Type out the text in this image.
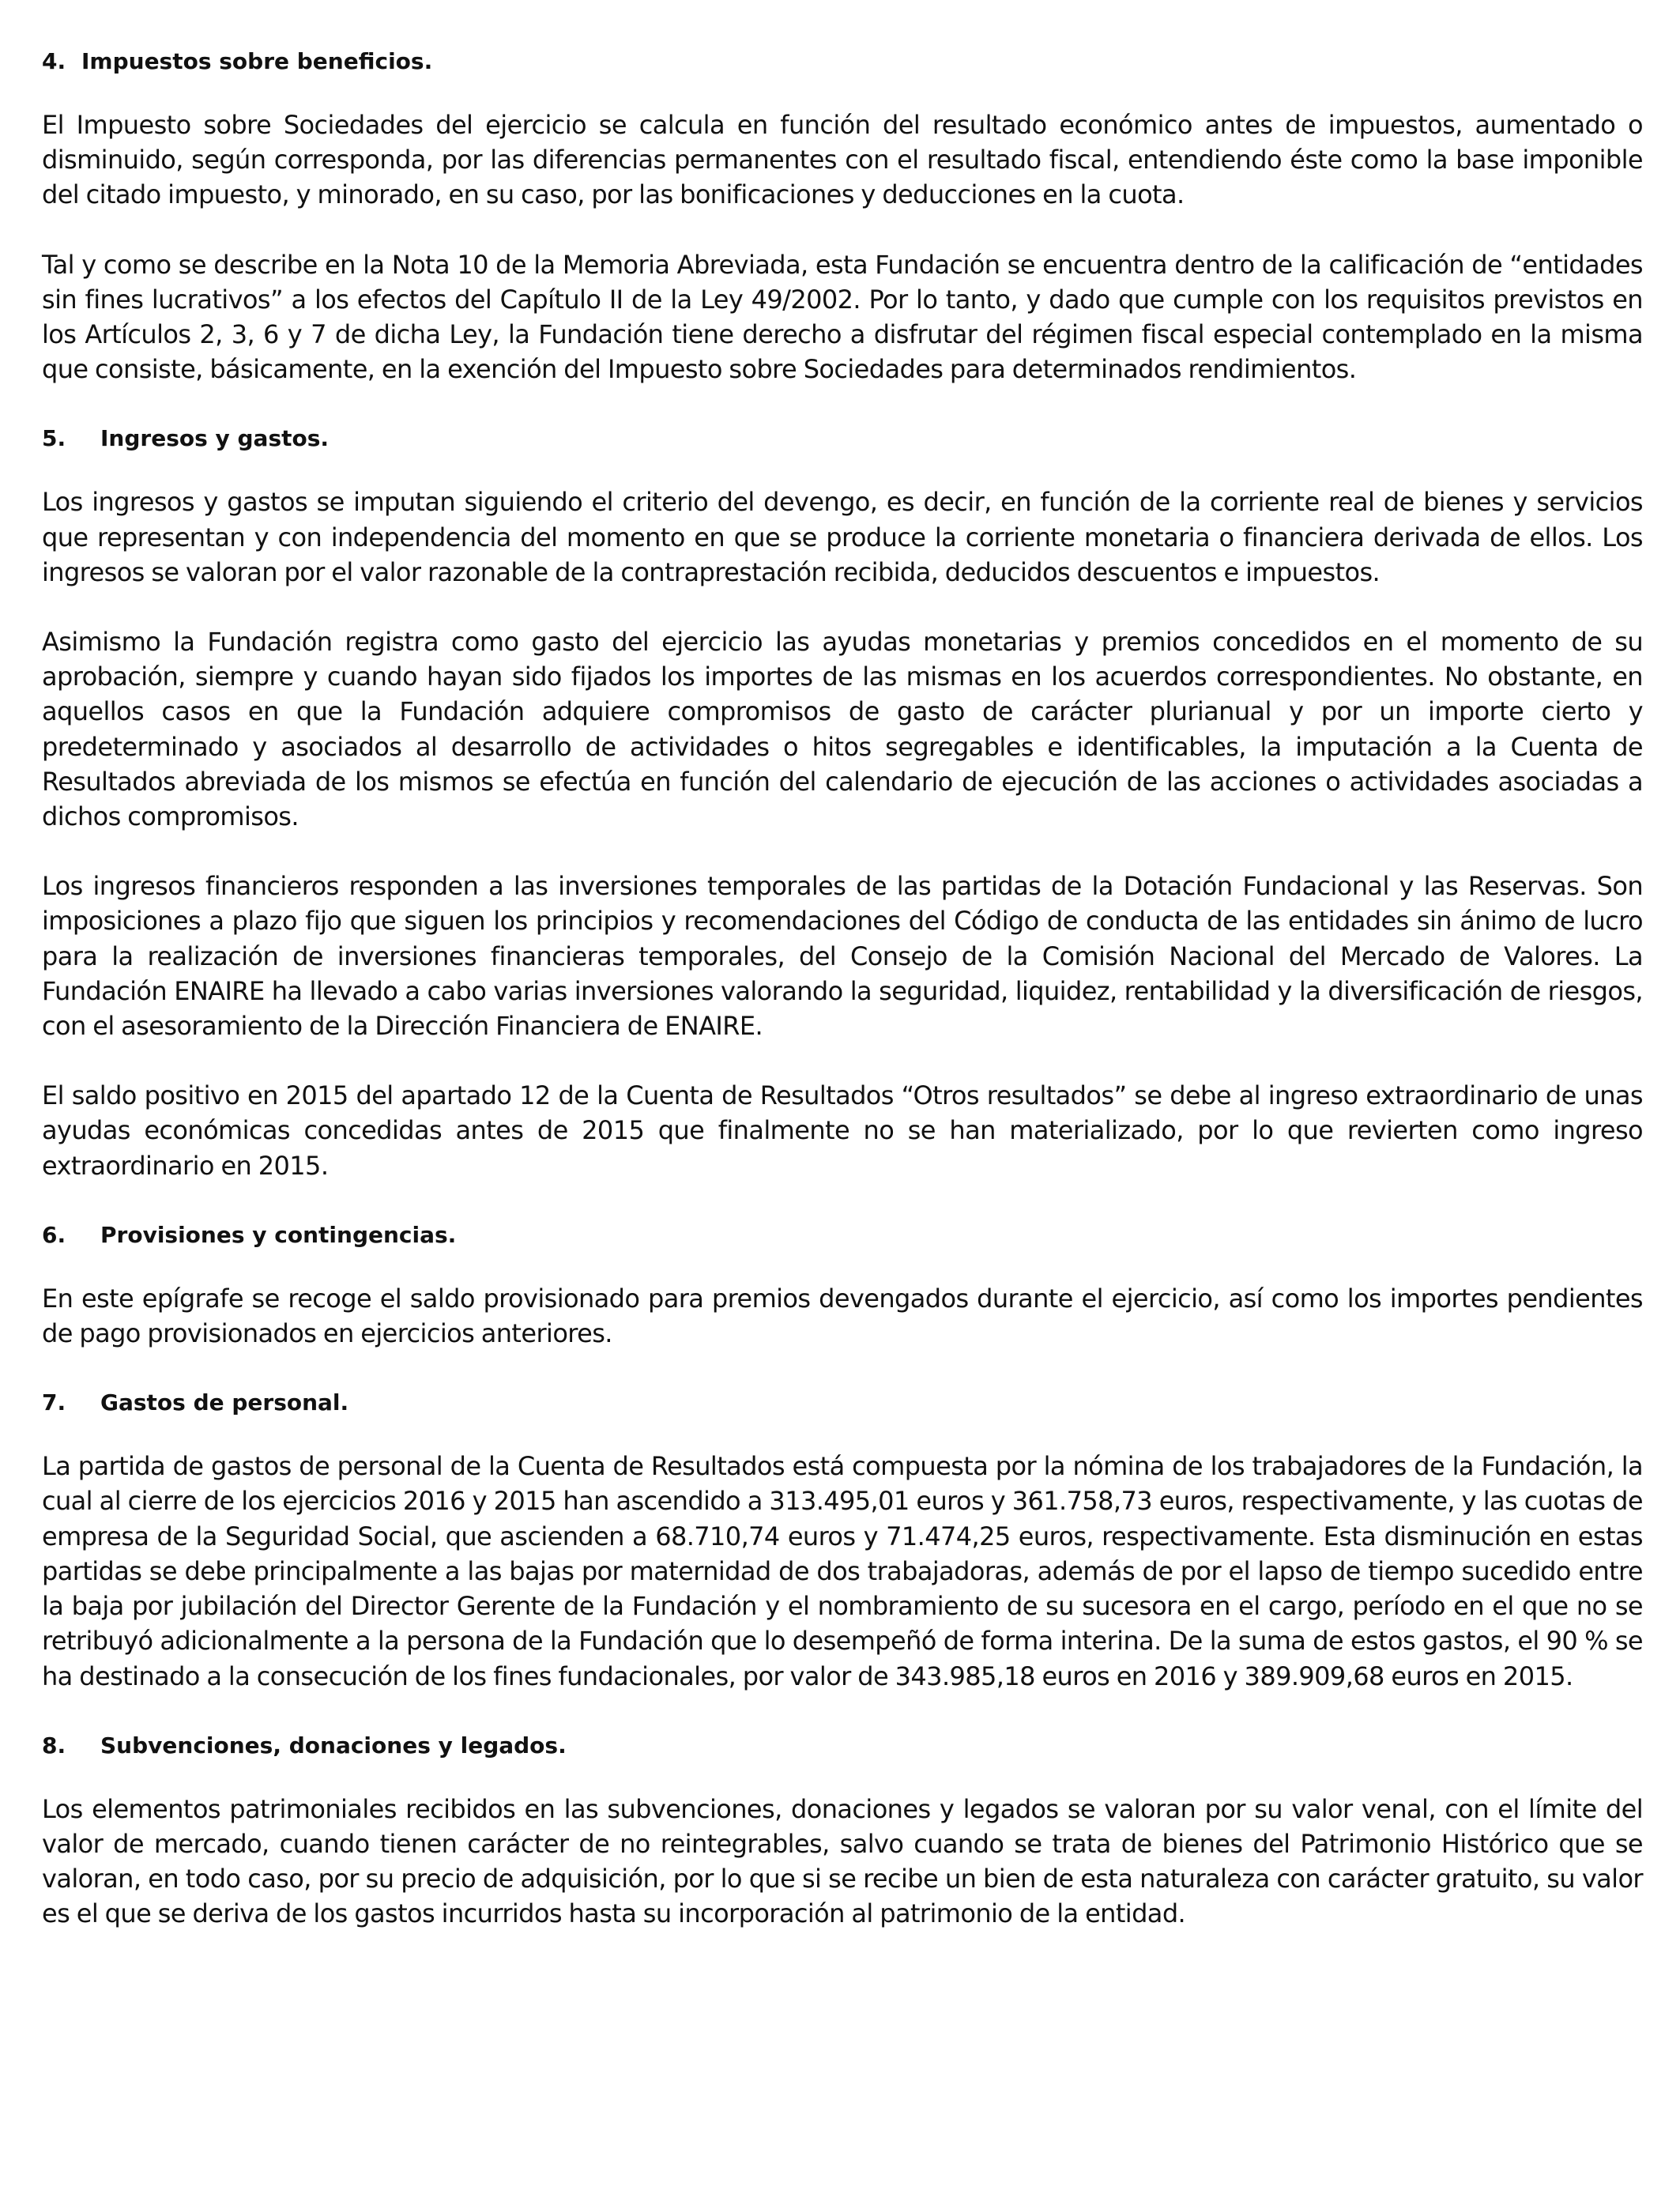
4. Impuestos sobre beneficios.

El Impuesto sobre Sociedades del ejercicio se calcula en función del resultado económico antes de impuestos, aumentado o disminuido, según corresponda, por las diferencias permanentes con el resultado fiscal, entendiendo éste como la base imponible del citado impuesto, y minorado, en su caso, por las bonificaciones y deducciones en la cuota.

Tal y como se describe en la Nota 10 de la Memoria Abreviada, esta Fundación se encuentra dentro de la calificación de “entidades sin fines lucrativos” a los efectos del Capítulo II de la Ley 49/2002. Por lo tanto, y dado que cumple con los requisitos previstos en los Artículos 2, 3, 6 y 7 de dicha Ley, la Fundación tiene derecho a disfrutar del régimen fiscal especial contemplado en la misma que consiste, básicamente, en la exención del Impuesto sobre Sociedades para determinados rendimientos.

5.	Ingresos y gastos.

Los ingresos y gastos se imputan siguiendo el criterio del devengo, es decir, en función de la corriente real de bienes y servicios que representan y con independencia del momento en que se produce la corriente monetaria o financiera derivada de ellos. Los ingresos se valoran por el valor razonable de la contraprestación recibida, deducidos descuentos e impuestos.

Asimismo la Fundación registra como gasto del ejercicio las ayudas monetarias y premios concedidos en el momento de su aprobación, siempre y cuando hayan sido fijados los importes de las mismas en los acuerdos correspondientes. No obstante, en aquellos casos en que la Fundación adquiere compromisos de gasto de carácter plurianual y por un importe cierto y predeterminado y asociados al desarrollo de actividades o hitos segregables e identificables, la imputación a la Cuenta de Resultados abreviada de los mismos se efectúa en función del calendario de ejecución de las acciones o actividades asociadas a dichos compromisos.

Los ingresos financieros responden a las inversiones temporales de las partidas de la Dotación Fundacional y las Reservas. Son imposiciones a plazo fijo que siguen los principios y recomendaciones del Código de conducta de las entidades sin ánimo de lucro para la realización de inversiones financieras temporales, del Consejo de la Comisión Nacional del Mercado de Valores. La Fundación ENAIRE ha llevado a cabo varias inversiones valorando la seguridad, liquidez, rentabilidad y la diversificación de riesgos, con el asesoramiento de la Dirección Financiera de ENAIRE.

El saldo positivo en 2015 del apartado 12 de la Cuenta de Resultados “Otros resultados” se debe al ingreso extraordinario de unas ayudas económicas concedidas antes de 2015 que finalmente no se han materializado, por lo que revierten como ingreso extraordinario en 2015.

6.	Provisiones y contingencias.

En este epígrafe se recoge el saldo provisionado para premios devengados durante el ejercicio, así como los importes pendientes de pago provisionados en ejercicios anteriores.

7.	Gastos de personal.

La partida de gastos de personal de la Cuenta de Resultados está compuesta por la nómina de los trabajadores de la Fundación, la cual al cierre de los ejercicios 2016 y 2015 han ascendido a 313.495,01 euros y 361.758,73 euros, respectivamente, y las cuotas de empresa de la Seguridad Social, que ascienden a 68.710,74 euros y 71.474,25 euros, respectivamente. Esta disminución en estas partidas se debe principalmente a las bajas por maternidad de dos trabajadoras, además de por el lapso de tiempo sucedido entre la baja por jubilación del Director Gerente de la Fundación y el nombramiento de su sucesora en el cargo, período en el que no se retribuyó adicionalmente a la persona de la Fundación que lo desempeñó de forma interina. De la suma de estos gastos, el 90 % se ha destinado a la consecución de los fines fundacionales, por valor de 343.985,18 euros en 2016 y 389.909,68 euros en 2015.

8.	Subvenciones, donaciones y legados.

Los elementos patrimoniales recibidos en las subvenciones, donaciones y legados se valoran por su valor venal, con el límite del valor de mercado, cuando tienen carácter de no reintegrables, salvo cuando se trata de bienes del Patrimonio Histórico que se valoran, en todo caso, por su precio de adquisición, por lo que si se recibe un bien de esta naturaleza con carácter gratuito, su valor es el que se deriva de los gastos incurridos hasta su incorporación al patrimonio de la entidad.
